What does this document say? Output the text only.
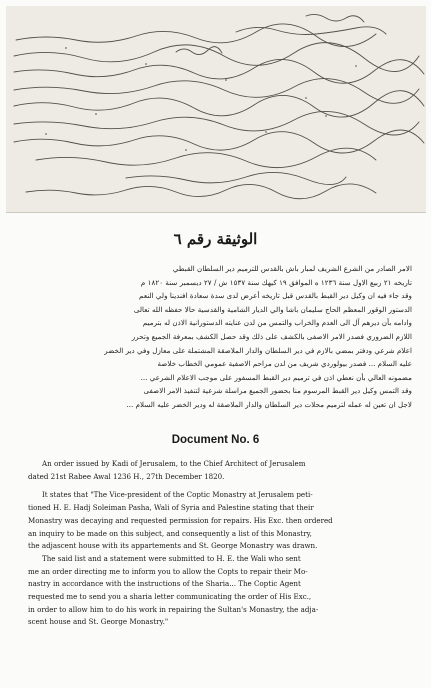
الوثيقة رقم ٦
الامر الصادر من الشرع الشريف لمبار باش بالقدس للترميم دير السلطان القبطي
تاريخه ٢١ ربيع الاول سنة ١٢٣٦ ه الموافق ١٩ كيهك سنة ١٥٣٧ ش / ٢٧ ديسمبر سنة ١٨٢٠ م
وقد جاء فيه ان وكيل دير القبط بالقدس قبل تاريخه أعرض لدى سدة سعادة افندينا ولي النعم
الدستور الوقور المعظم الحاج سليمان باشا والي الديار الشامية والقدسية حالا حفظه الله تعالى
وادامه بأن ديرهم آل الى العدم والخراب والتمس من لدن عنايته الدستورانية الاذن له بترميم
اللازم الضروري فصدر الامر الاصفى بالكشف على ذلك وقد حصل الكشف بمعرفة الجميع وتحرر
اعلام شرعي ودفتر بمضي بالازم في دير السلطان والدار الملاصقة المشتملة على معازل وفي دير الخضر
عليه السلام ... فصدر بيولوردي شريف من لدن مراحم الاصفية عمومي الخطاب خلاصة
مضمونه العالي بأن نعطي اذن في ترميم دير القبط المسفور على موجب الاعلام الشرعي ...
وقد التمس وكيل دير القبط المرسوم منا بحضور الجميع مراسلة شرعية لتنفيذ الامر الاصفى
لاجل ان تعين له عمله لترميم محلات دير السلطان والدار الملاصقة له ودير الخضر عليه السلام ...
Document No. 6

An order issued by Kadi of Jerusalem, to the Chief Architect of Jerusalem

dated 21st Rabee Awal 1236 H., 27th December 1820.

It states that "The Vice-president of the Coptic Monastry at Jerusalem peti-
tioned H. E. Hadj Soleiman Pasha, Wali of Syria and Palestine stating that their
Monastry was decaying and requested permission for repairs. His Exc. then ordered
an inquiry to be made on this subject, and consequently a list of this Monastry,
the adjascent house with its appartements and St. George Monastry was drawn.

The said list and a statement were submitted to H. E. the Wali who sent
me an order directing me to inform you to allow the Copts to repair their Mo-
nastry in accordance with the instructions of the Sharia... The Coptic Agent
requested me to send you a sharia letter communicating the order of His Exc.,
in order to allow him to do his work in repairing the Sultan's Monastry, the adja-
scent house and St. George Monastry."
